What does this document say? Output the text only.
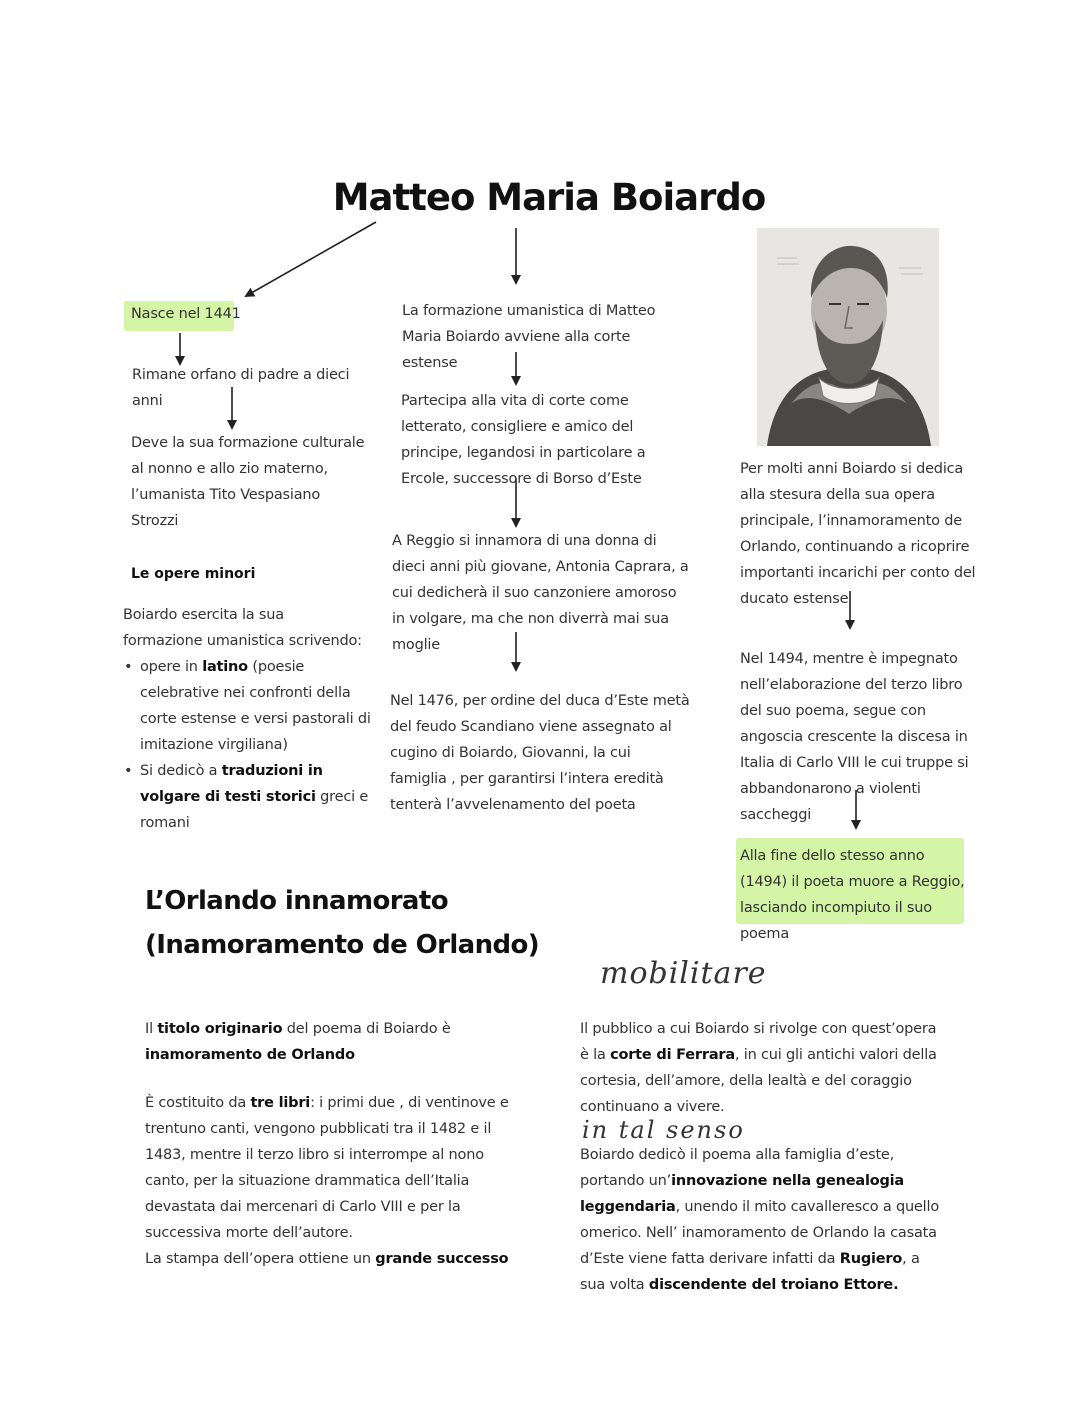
Matteo Maria Boiardo
Nasce nel 1441
Rimane orfano di padre a dieci anni
Deve la sua formazione culturale al nonno e allo zio materno, l’umanista Tito Vespasiano Strozzi
Le opere minori
Boiardo esercita la sua formazione umanistica scrivendo:
• opere in latino (poesie celebrative nei confronti della corte estense e versi pastorali di imitazione virgiliana)
• Si dedicò a traduzioni in volgare di testi storici greci e romani
La formazione umanistica di Matteo Maria Boiardo avviene alla corte estense
Partecipa alla vita di corte come letterato, consigliere e amico del principe, legandosi in particolare a Ercole, successore di Borso d’Este
A Reggio si innamora di una donna di dieci anni più giovane, Antonia Caprara, a cui dedicherà il suo canzoniere amoroso in volgare, ma che non diverrà mai sua moglie
Nel 1476, per ordine del duca d’Este metà del feudo Scandiano viene assegnato al cugino di Boiardo, Giovanni, la cui famiglia , per garantirsi l’intera eredità tenterà l’avvelenamento del poeta
Per molti anni Boiardo si dedica alla stesura della sua opera principale, l’innamoramento de Orlando, continuando a ricoprire importanti incarichi per conto del ducato estense
Nel 1494, mentre è impegnato nell’elaborazione del terzo libro del suo poema, segue con angoscia crescente la discesa in Italia di Carlo VIII le cui truppe si abbandonarono a violenti saccheggi
Alla fine dello stesso anno (1494) il poeta muore a Reggio, lasciando incompiuto il suo poema
L’Orlando innamorato
(Inamoramento de Orlando)
Il titolo originario del poema di Boiardo è inamoramento de Orlando
È costituito da tre libri: i primi due , di ventinove e trentuno canti, vengono pubblicati tra il 1482 e il 1483, mentre il terzo libro si interrompe al nono canto, per la situazione drammatica dell’Italia devastata dai mercenari di Carlo VIII e per la successiva morte dell’autore.
La stampa dell’opera ottiene un grande successo
Il pubblico a cui Boiardo si rivolge con quest’opera è la corte di Ferrara, in cui gli antichi valori della cortesia, dell’amore, della lealtà e del coraggio continuano a vivere.
Boiardo dedicò il poema alla famiglia d’este, portando un’innovazione nella genealogia leggendaria, unendo il mito cavalleresco a quello omerico. Nell’ inamoramento de Orlando la casata d’Este viene fatta derivare infatti da Rugiero, a sua volta discendente del troiano Ettore.
mobilitare
in tal senso
